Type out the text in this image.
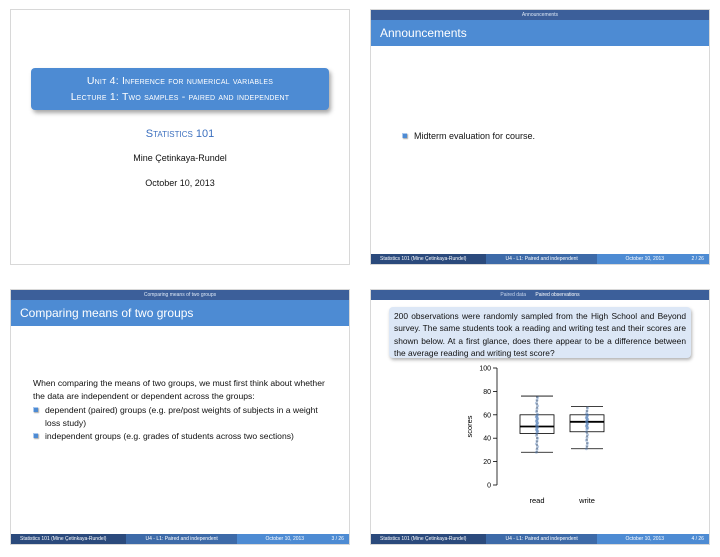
Unit 4: Inference for numerical variables
Lecture 1: Two samples - paired and independent
Statistics 101
Mine Çetinkaya-Rundel
October 10, 2013
Announcements
Announcements
Midterm evaluation for course.
Statistics 101 (Mine Çetinkaya-Rundel)	U4 - L1: Paired and independent	October 10, 2013	2 / 26
Comparing means of two groups
Comparing means of two groups
When comparing the means of two groups, we must first think about whether the data are independent or dependent across the groups:
dependent (paired) groups (e.g. pre/post weights of subjects in a weight loss study)
independent groups (e.g. grades of students across two sections)
Statistics 101 (Mine Çetinkaya-Rundel)	U4 - L1: Paired and independent	October 10, 2013	3 / 26
Paired data Paired observations
200 observations were randomly sampled from the High School and Beyond survey. The same students took a reading and writing test and their scores are shown below. At a first glance, does there appear to be a difference between the average reading and writing test score?
0
20
40
60
80
100
scores
read	write
Statistics 101 (Mine Çetinkaya-Rundel)	U4 - L1: Paired and independent	October 10, 2013	4 / 26
